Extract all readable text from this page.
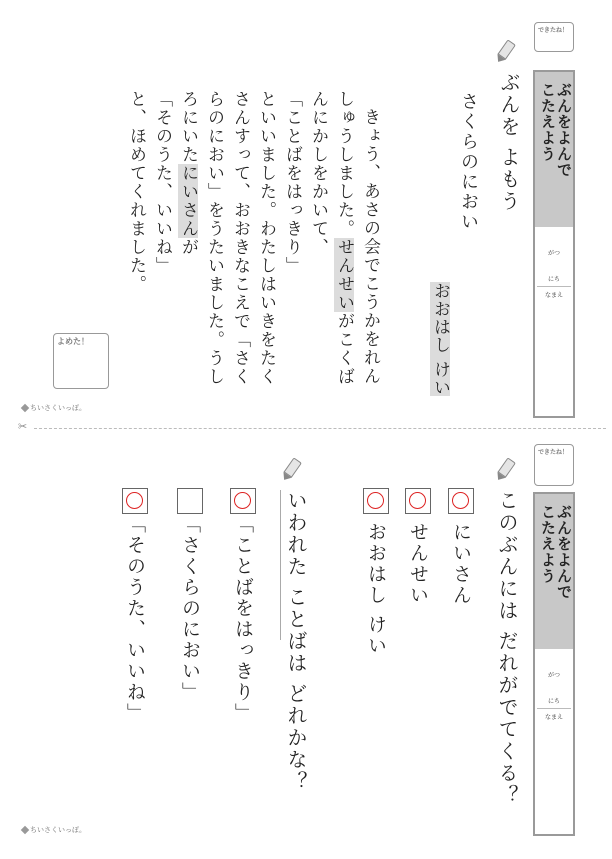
できたね！
ぶんをよんで
こたえよう
がつ
にち
なまえ
ぶんを よもう
さくらのにおい
おおはし けい
きょう、あさの会でこうかをれん
しゅうしました。せんせいがこくば
んにかしをかいて、
「ことばをはっきり」
といいました。わたしはいきをたく
さんすって、おおきなこえで「さく
らのにおい」をうたいました。うし
ろにいたにいさんが
「そのうた、いいね」
と、ほめてくれました。
よめた！
ちいさくいっぽ。
✂
できたね！
ぶんをよんで
こたえよう
がつ
にち
なまえ
このぶんには だれがでてくる？
にいさん
せんせい
おおはし けい
いわれた ことばは どれかな？
「ことばをはっきり」
「さくらのにおい」
「そのうた、いいね」
ちいさくいっぽ。
